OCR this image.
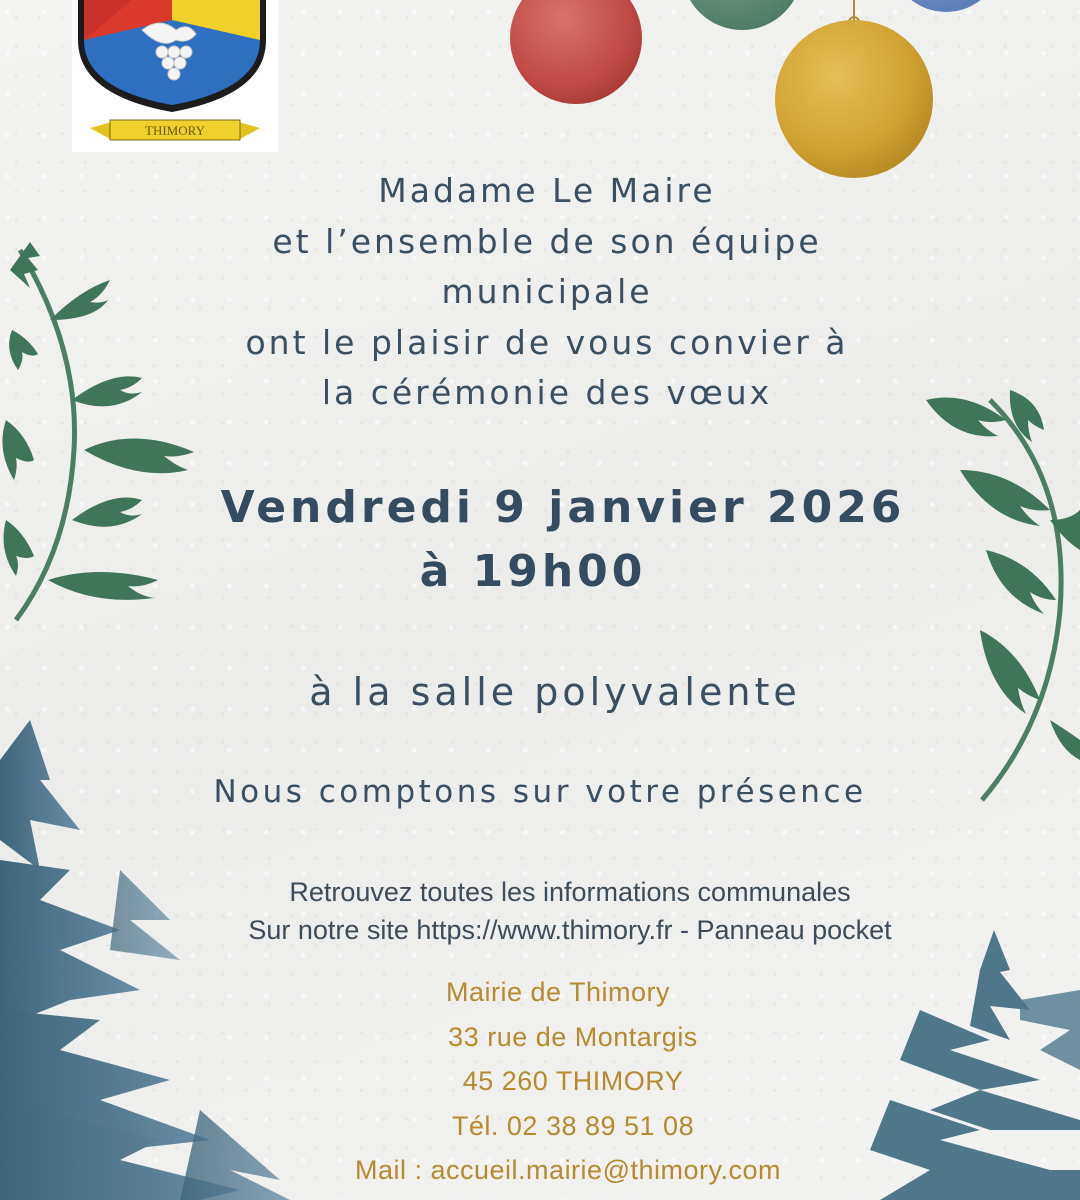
THIMORY
Madame Le Maire
et l’ensemble de son équipe
municipale
ont le plaisir de vous convier à
la cérémonie des vœux
Vendredi 9 janvier 2026
à 19h00
à la salle polyvalente
Nous comptons sur votre présence
Retrouvez toutes les informations communales
Sur notre site https://www.thimory.fr - Panneau pocket
Mairie de Thimory
33 rue de Montargis
45 260 THIMORY
Tél. 02 38 89 51 08
Mail : accueil.mairie@thimory.com
